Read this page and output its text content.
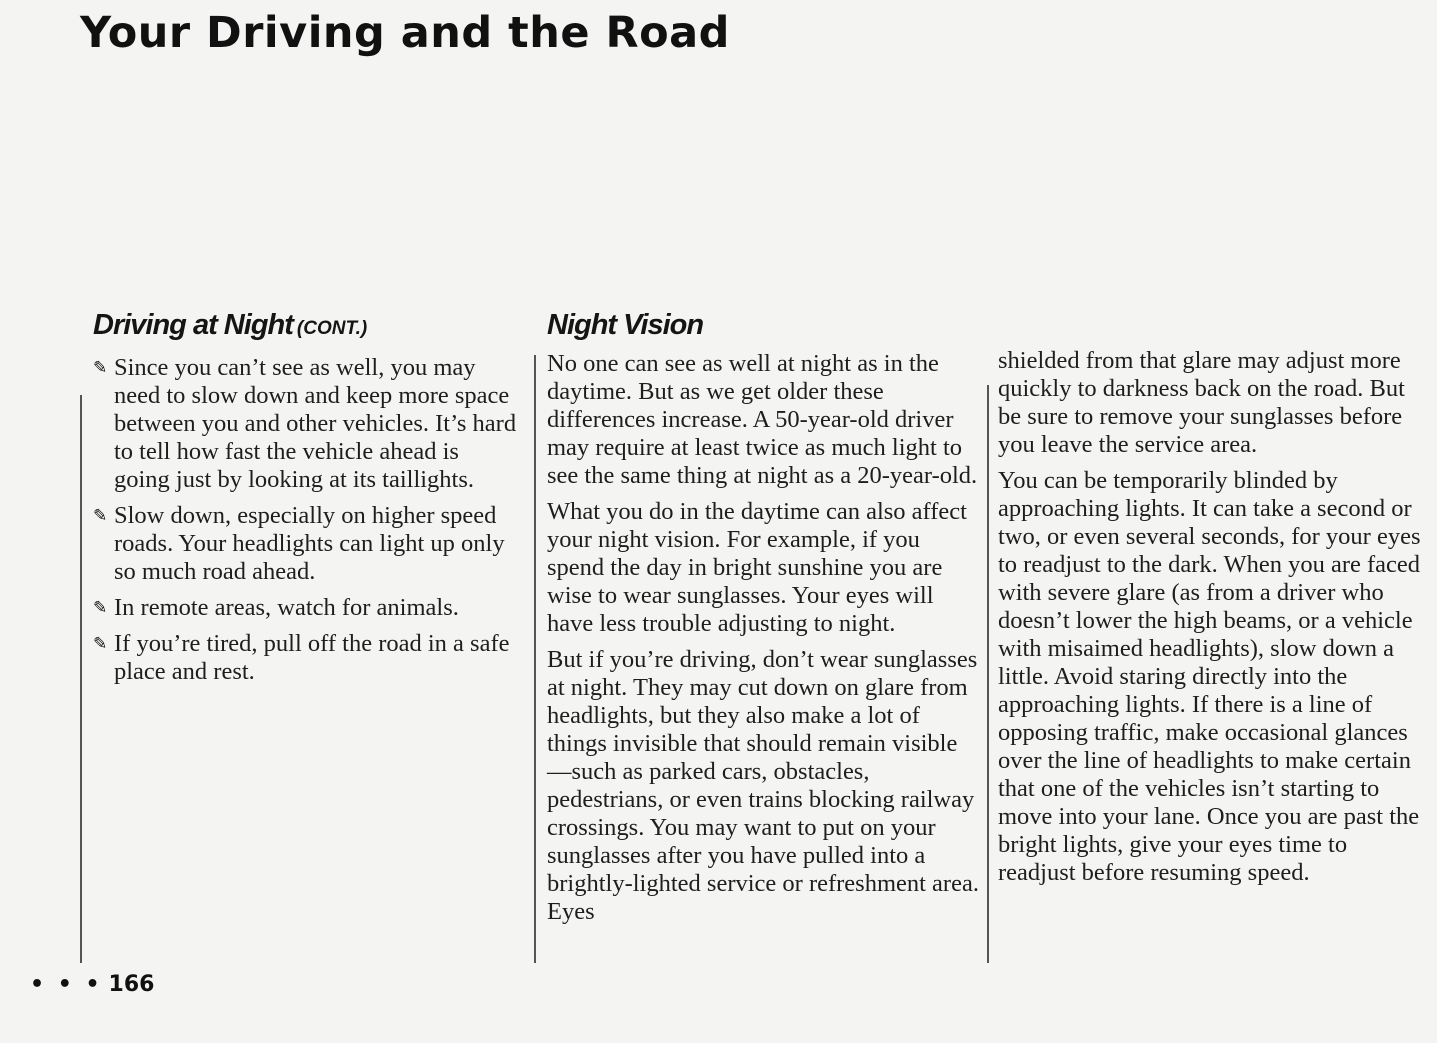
Your Driving and the Road
Driving at Night (CONT.)
✎ Since you can’t see as well, you may need to slow down and keep more space between you and other vehicles. It’s hard to tell how fast the vehicle ahead is going just by looking at its taillights.
✎ Slow down, especially on higher speed roads. Your headlights can light up only so much road ahead.
✎ In remote areas, watch for animals.
✎ If you’re tired, pull off the road in a safe place and rest.
Night Vision

No one can see as well at night as in the daytime. But as we get older these differences increase. A 50-year-old driver may require at least twice as much light to see the same thing at night as a 20-year-old.

What you do in the daytime can also affect your night vision. For example, if you spend the day in bright sunshine you are wise to wear sunglasses. Your eyes will have less trouble adjusting to night.

But if you’re driving, don’t wear sunglasses at night. They may cut down on glare from headlights, but they also make a lot of things invisible that should remain visible—such as parked cars, obstacles, pedestrians, or even trains blocking railway crossings. You may want to put on your sunglasses after you have pulled into a brightly-lighted service or refreshment area. Eyes

shielded from that glare may adjust more quickly to darkness back on the road. But be sure to remove your sunglasses before you leave the service area.

You can be temporarily blinded by approaching lights. It can take a second or two, or even several seconds, for your eyes to readjust to the dark. When you are faced with severe glare (as from a driver who doesn’t lower the high beams, or a vehicle with misaimed headlights), slow down a little. Avoid staring directly into the approaching lights. If there is a line of opposing traffic, make occasional glances over the line of headlights to make certain that one of the vehicles isn’t starting to move into your lane. Once you are past the bright lights, give your eyes time to readjust before resuming speed.

• • • 166
